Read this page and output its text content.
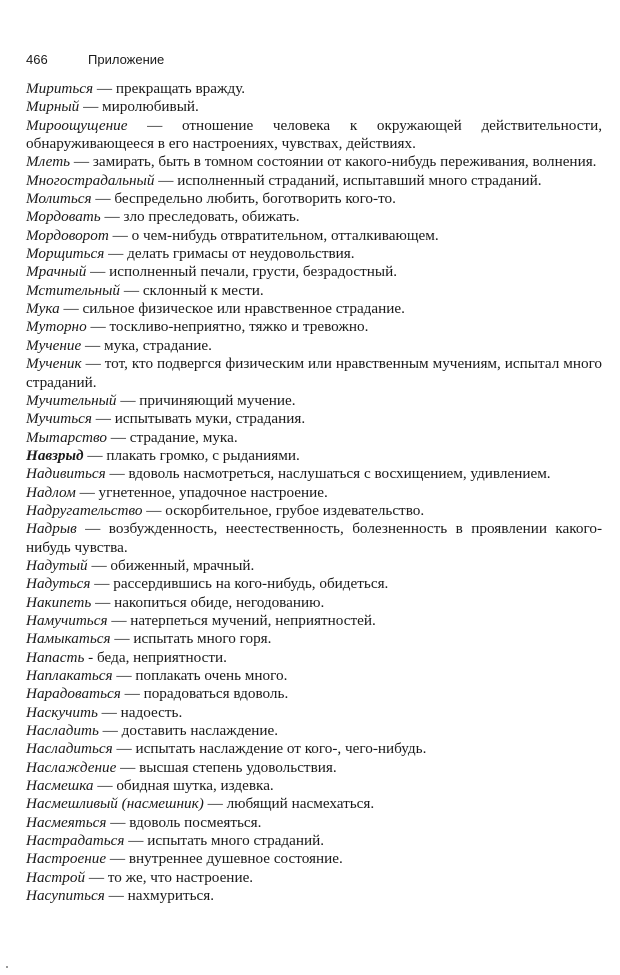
466	Приложение

Мириться — прекращать вражду.

Мирный — миролюбивый.

Мироощущение — отношение человека к окружающей действительности, обнаруживающееся в его настроениях, чувствах, действиях.

Млеть — замирать, быть в томном состоянии от какого-нибудь переживания, волнения.

Многострадальный — исполненный страданий, испытавший много страданий.

Молиться — беспредельно любить, боготворить кого-то.

Мордовать — зло преследовать, обижать.

Мордоворот — о чем-нибудь отвратительном, отталкивающем.

Морщиться — делать гримасы от неудовольствия.

Мрачный — исполненный печали, грусти, безрадостный.

Мстительный — склонный к мести.

Мука — сильное физическое или нравственное страдание.

Муторно — тоскливо-неприятно, тяжко и тревожно.

Мучение — мука, страдание.

Мученик — тот, кто подвергся физическим или нравственным мучениям, испытал много страданий.

Мучительный — причиняющий мучение.

Мучиться — испытывать муки, страдания.

Мытарство — страдание, мука.

Навзрыд — плакать громко, с рыданиями.

Надивиться — вдоволь насмотреться, наслушаться с восхищением, удивлением.

Надлом — угнетенное, упадочное настроение.

Надругательство — оскорбительное, грубое издевательство.

Надрыв — возбужденность, неестественность, болезненность в проявлении какого-нибудь чувства.

Надутый — обиженный, мрачный.

Надуться — рассердившись на кого-нибудь, обидеться.

Накипеть — накопиться обиде, негодованию.

Намучиться — натерпеться мучений, неприятностей.

Намыкаться — испытать много горя.

Напасть - беда, неприятности.

Наплакаться — поплакать очень много.

Нарадоваться — порадоваться вдоволь.

Наскучить — надоесть.

Насладить — доставить наслаждение.

Насладиться — испытать наслаждение от кого-, чего-нибудь.

Наслаждение — высшая степень удовольствия.

Насмешка — обидная шутка, издевка.

Насмешливый (насмешник) — любящий насмехаться.

Насмеяться — вдоволь посмеяться.

Настрадаться — испытать много страданий.

Настроение — внутреннее душевное состояние.

Настрой — то же, что настроение.

Насупиться — нахмуриться.
